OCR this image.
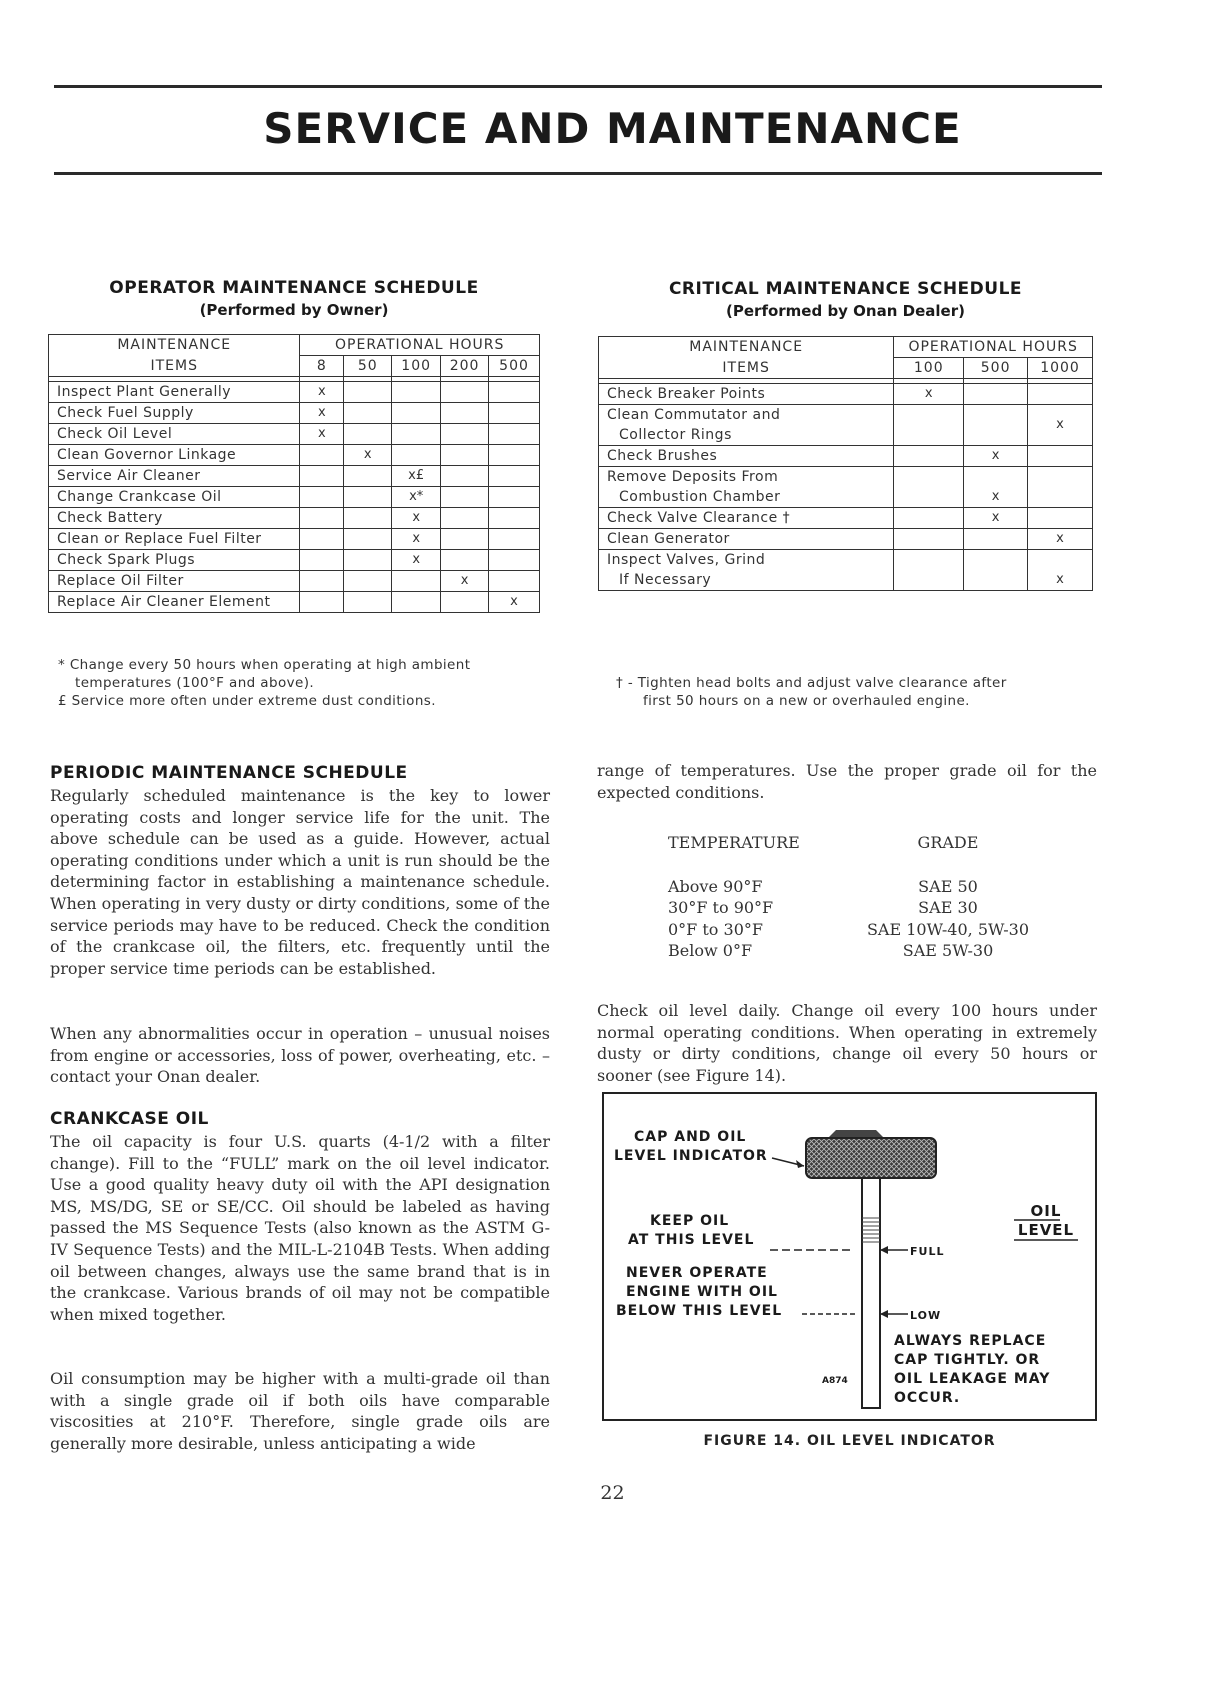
SERVICE AND MAINTENANCE
OPERATOR MAINTENANCE SCHEDULE
(Performed by Owner)
MAINTENANCE	OPERATIONAL HOURS				
ITEMS	8	50	100	200	500

Inspect Plant Generally	x				

Check Fuel Supply	x				

Check Oil Level	x				

Clean Governor Linkage		x			

Service Air Cleaner			x£		

Change Crankcase Oil			x*		

Check Battery			x		

Clean or Replace Fuel Filter			x		

Check Spark Plugs			x		

Replace Oil Filter				x	

Replace Air Cleaner Element					x
* Change every 50 hours when operating at high ambient
temperatures (100°F and above).
£ Service more often under extreme dust conditions.
CRITICAL MAINTENANCE SCHEDULE
(Performed by Onan Dealer)
MAINTENANCE	OPERATIONAL HOURS		
ITEMS	100	500	1000

Check Breaker Points	x		

Clean Commutator and
Collector Rings			x

Check Brushes		x	

Remove Deposits From
Combustion Chamber		x	

Check Valve Clearance †		x	

Clean Generator			x

Inspect Valves, Grind
If Necessary			x
† - Tighten head bolts and adjust valve clearance after
first 50 hours on a new or overhauled engine.
PERIODIC MAINTENANCE SCHEDULE
Regularly scheduled maintenance is the key to lower operating costs and longer service life for the unit. The above schedule can be used as a guide. However, actual operating conditions under which a unit is run should be the determining factor in establishing a maintenance schedule. When operating in very dusty or dirty conditions, some of the service periods may have to be reduced. Check the condition of the crankcase oil, the filters, etc. frequently until the proper service time periods can be established.
When any abnormalities occur in operation – unusual noises from engine or accessories, loss of power, overheating, etc. – contact your Onan dealer.
CRANKCASE OIL
The oil capacity is four U.S. quarts (4-1/2 with a filter change). Fill to the “FULL” mark on the oil level indicator. Use a good quality heavy duty oil with the API designation MS, MS/DG, SE or SE/CC. Oil should be labeled as having passed the MS Sequence Tests (also known as the ASTM G-IV Sequence Tests) and the MIL-L-2104B Tests. When adding oil between changes, always use the same brand that is in the crankcase. Various brands of oil may not be compatible when mixed together.
Oil consumption may be higher with a multi-grade oil than with a single grade oil if both oils have comparable viscosities at 210°F. Therefore, single grade oils are generally more desirable, unless anticipating a wide
range of temperatures. Use the proper grade oil for the expected conditions.
TEMPERATURE	GRADE
Above 90°F	SAE 50
30°F to 90°F	SAE 30
0°F to 30°F	SAE 10W-40, 5W-30
Below 0°F	SAE 5W-30
Check oil level daily. Change oil every 100 hours under normal operating conditions. When operating in extremely dusty or dirty conditions, change oil every 50 hours or sooner (see Figure 14).
CAP AND OIL
LEVEL INDICATOR
KEEP OIL
AT THIS LEVEL
NEVER OPERATE
ENGINE WITH OIL
BELOW THIS LEVEL
FULL
LOW
OIL
LEVEL
ALWAYS REPLACE
CAP TIGHTLY. OR
OIL LEAKAGE MAY
OCCUR.
A874
FIGURE 14. OIL LEVEL INDICATOR
22
